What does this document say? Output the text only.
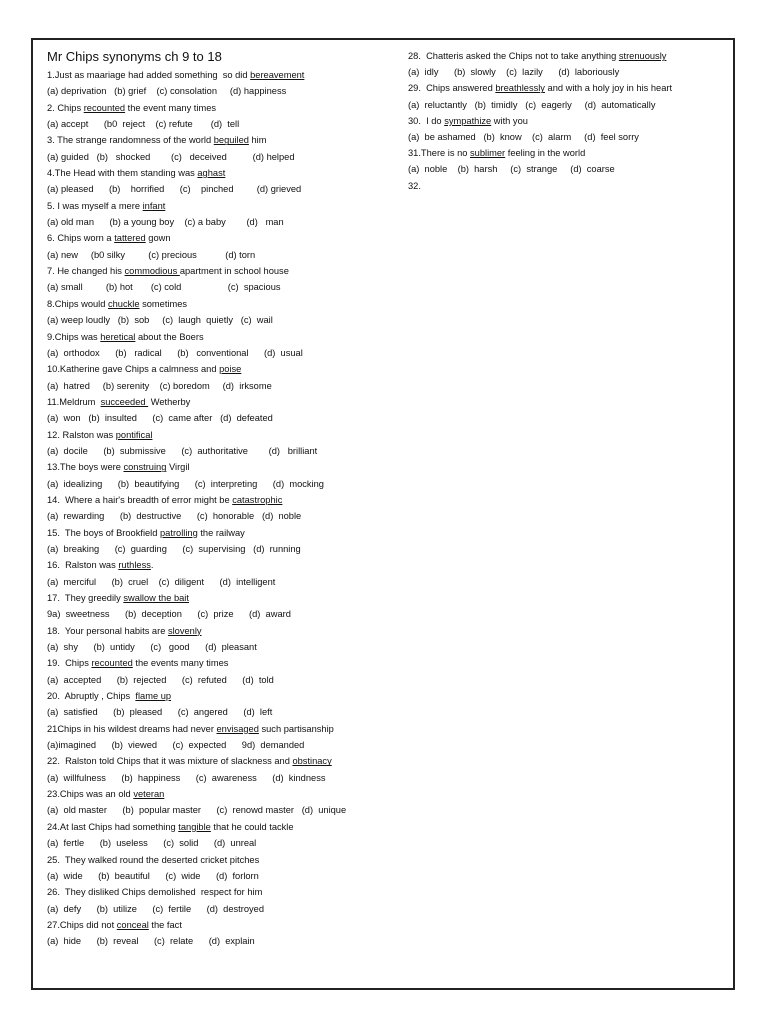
Mr Chips synonyms ch 9 to 18
1.Just as maariage had added something  so did bereavement
(a) deprivation   (b) grief    (c) consolation     (d) happiness
2. Chips recounted the event many times
(a) accept      (b0  reject    (c) refute       (d)  tell
3. The strange randomness of the world beguiled him
(a) guided   (b)   shocked        (c)   deceived          (d) helped
4.The Head with them standing was aghast
(a) pleased      (b)    horrified      (c)    pinched         (d) grieved
5. I was myself a mere infant
(a) old man      (b) a young boy    (c) a baby        (d)   man
6. Chips worn a tattered gown
(a) new     (b0 silky         (c) precious           (d) torn
7. He changed his commodious apartment in school house
(a) small         (b) hot       (c) cold                  (c)  spacious
8.Chips would chuckle sometimes
(a) weep loudly   (b)  sob     (c)  laugh  quietly   (c)  wail
9.Chips was heretical about the Boers
(a)  orthodox      (b)   radical      (b)   conventional      (d)  usual
10.Katherine gave Chips a calmness and poise
(a)  hatred     (b) serenity    (c) boredom     (d)  irksome
11.Meldrum  succeeded  Wetherby
(a)  won   (b)  insulted      (c)  came after   (d)  defeated
12. Ralston was pontifical
(a)  docile      (b)  submissive      (c)  authoritative        (d)   brilliant
13.The boys were construing Virgil
(a)  idealizing      (b)  beautifying      (c)  interpreting      (d)  mocking
14.  Where a hair's breadth of error might be catastrophic
(a)  rewarding      (b)  destructive      (c)  honorable   (d)  noble
15.  The boys of Brookfield patrolling the railway
(a)  breaking      (c)  guarding      (c)  supervising   (d)  running
16.  Ralston was ruthless.
(a)  merciful      (b)  cruel    (c)  diligent      (d)  intelligent
17.  They greedily swallow the bait
9a)  sweetness      (b)  deception      (c)  prize      (d)  award
18.  Your personal habits are slovenly
(a)  shy      (b)  untidy      (c)   good      (d)  pleasant
19.  Chips recounted the events many times
(a)  accepted      (b)  rejected      (c)  refuted      (d)  told
20.  Abruptly , Chips  flame up
(a)  satisfied      (b)  pleased      (c)  angered      (d)  left
21Chips in his wildest dreams had never envisaged such partisanship
(a)imagined      (b)  viewed      (c)  expected      9d)  demanded
22.  Ralston told Chips that it was mixture of slackness and obstinacy
(a)  willfulness      (b)  happiness      (c)  awareness      (d)  kindness
23.Chips was an old veteran
(a)  old master      (b)  popular master      (c)  renowd master   (d)  unique
24.At last Chips had something tangible that he could tackle
(a)  fertle      (b)  useless      (c)  solid      (d)  unreal
25.  They walked round the deserted cricket pitches
(a)  wide      (b)  beautiful      (c)  wide      (d)  forlorn
26.  They disliked Chips demolished  respect for him
(a)  defy      (b)  utilize      (c)  fertile      (d)  destroyed
27.Chips did not conceal the fact
(a)  hide      (b)  reveal      (c)  relate      (d)  explain
28.  Chatteris asked the Chips not to take anything strenuously
(a)  idly      (b)  slowly    (c)  lazily      (d)  laboriously
29.  Chips answered breathlessly and with a holy joy in his heart
(a)  reluctantly   (b)  timidly   (c)  eagerly     (d)  automatically
30.  I do sympathize with you
(a)  be ashamed   (b)  know    (c)  alarm     (d)  feel sorry
31.There is no sublimer feeling in the world
(a)  noble    (b)  harsh     (c)  strange     (d)  coarse
32.
